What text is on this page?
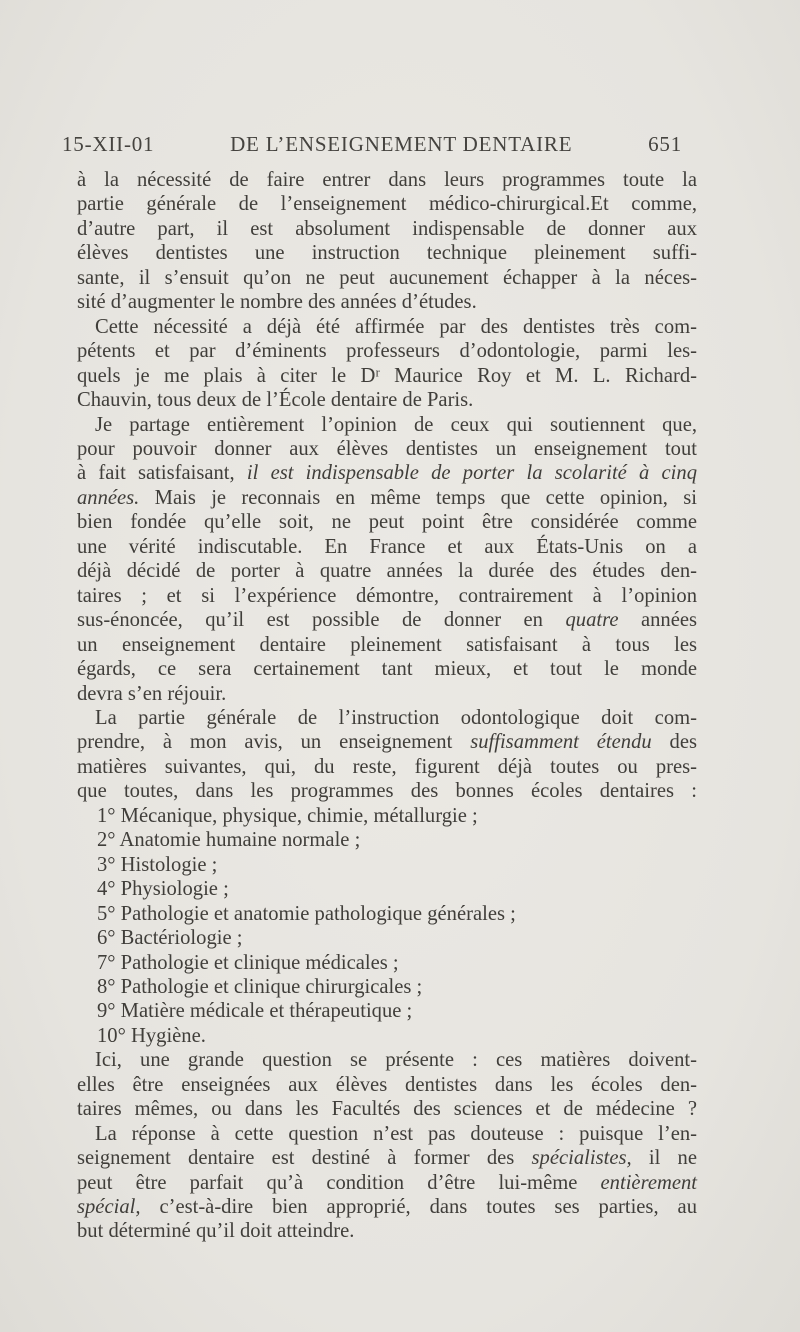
15-XII-01	DE L’ENSEIGNEMENT DENTAIRE	651
à la nécessité de faire entrer dans leurs programmes toute la
partie générale de l’enseignement médico-chirurgical.Et comme,
d’autre part, il est absolument indispensable de donner aux
élèves dentistes une instruction technique pleinement suffi-
sante, il s’ensuit qu’on ne peut aucunement échapper à la néces-
sité d’augmenter le nombre des années d’études.
Cette nécessité a déjà été affirmée par des dentistes très com-
pétents et par d’éminents professeurs d’odontologie, parmi les-
quels je me plais à citer le Dʳ Maurice Roy et M. L. Richard-
Chauvin, tous deux de l’École dentaire de Paris.
Je partage entièrement l’opinion de ceux qui soutiennent que,
pour pouvoir donner aux élèves dentistes un enseignement tout
à fait satisfaisant, il est indispensable de porter la scolarité à cinq
années. Mais je reconnais en même temps que cette opinion, si
bien fondée qu’elle soit, ne peut point être considérée comme
une vérité indiscutable. En France et aux États-Unis on a
déjà décidé de porter à quatre années la durée des études den-
taires ; et si l’expérience démontre, contrairement à l’opinion
sus-énoncée, qu’il est possible de donner en quatre années
un enseignement dentaire pleinement satisfaisant à tous les
égards, ce sera certainement tant mieux, et tout le monde
devra s’en réjouir.
La partie générale de l’instruction odontologique doit com-
prendre, à mon avis, un enseignement suffisamment étendu des
matières suivantes, qui, du reste, figurent déjà toutes ou pres-
que toutes, dans les programmes des bonnes écoles dentaires :
1° Mécanique, physique, chimie, métallurgie ;
2° Anatomie humaine normale ;
3° Histologie ;
4° Physiologie ;
5° Pathologie et anatomie pathologique générales ;
6° Bactériologie ;
7° Pathologie et clinique médicales ;
8° Pathologie et clinique chirurgicales ;
9° Matière médicale et thérapeutique ;
10° Hygiène.
Ici, une grande question se présente : ces matières doivent-
elles être enseignées aux élèves dentistes dans les écoles den-
taires mêmes, ou dans les Facultés des sciences et de médecine ?
La réponse à cette question n’est pas douteuse : puisque l’en-
seignement dentaire est destiné à former des spécialistes, il ne
peut être parfait qu’à condition d’être lui-même entièrement
spécial, c’est-à-dire bien approprié, dans toutes ses parties, au
but déterminé qu’il doit atteindre.
